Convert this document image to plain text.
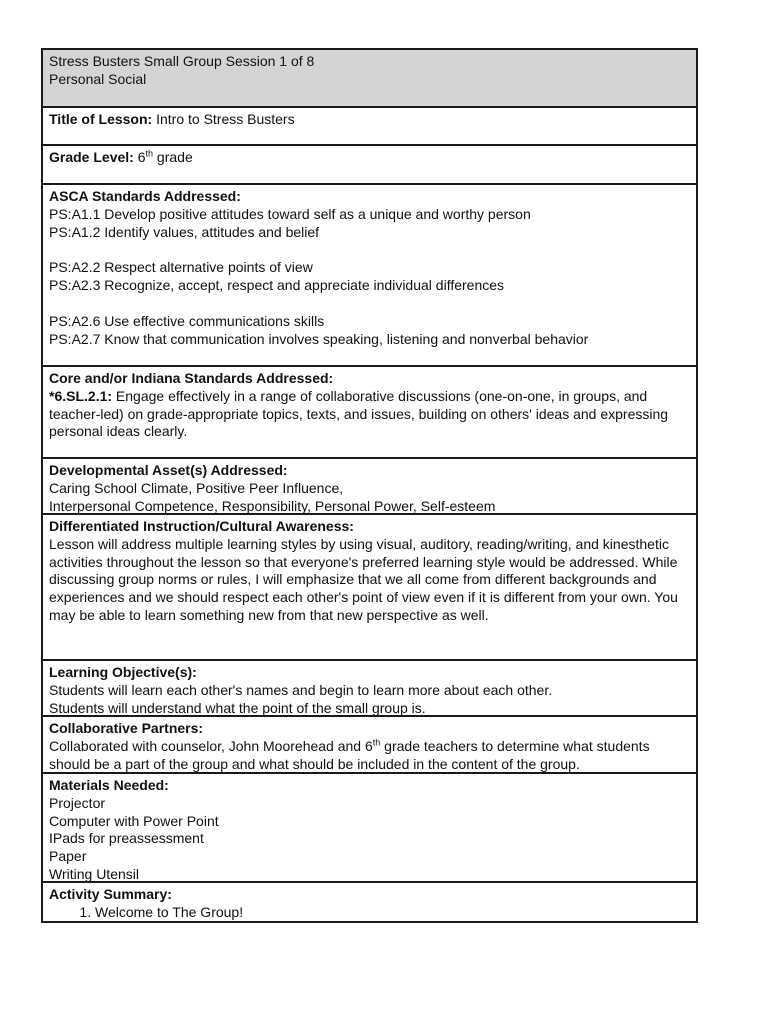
Stress Busters Small Group Session 1 of 8
Personal Social
Title of Lesson: Intro to Stress Busters
Grade Level: 6th grade
ASCA Standards Addressed:
PS:A1.1 Develop positive attitudes toward self as a unique and worthy person
PS:A1.2 Identify values, attitudes and belief
PS:A2.2 Respect alternative points of view
PS:A2.3 Recognize, accept, respect and appreciate individual differences
PS:A2.6 Use effective communications skills
PS:A2.7 Know that communication involves speaking, listening and nonverbal behavior
Core and/or Indiana Standards Addressed:
*6.SL.2.1: Engage effectively in a range of collaborative discussions (one-on-one, in groups, and teacher-led) on grade-appropriate topics, texts, and issues, building on others' ideas and expressing personal ideas clearly.
Developmental Asset(s) Addressed:
Caring School Climate, Positive Peer Influence,
Interpersonal Competence, Responsibility, Personal Power, Self-esteem
Differentiated Instruction/Cultural Awareness:
Lesson will address multiple learning styles by using visual, auditory, reading/writing, and kinesthetic activities throughout the lesson so that everyone's preferred learning style would be addressed. While discussing group norms or rules, I will emphasize that we all come from different backgrounds and experiences and we should respect each other's point of view even if it is different from your own. You may be able to learn something new from that new perspective as well.
Learning Objective(s):
Students will learn each other's names and begin to learn more about each other.
Students will understand what the point of the small group is.
Collaborative Partners:
Collaborated with counselor, John Moorehead and 6th grade teachers to determine what students should be a part of the group and what should be included in the content of the group.
Materials Needed:
Projector
Computer with Power Point
IPads for preassessment
Paper
Writing Utensil
Activity Summary:
1. Welcome to The Group!
